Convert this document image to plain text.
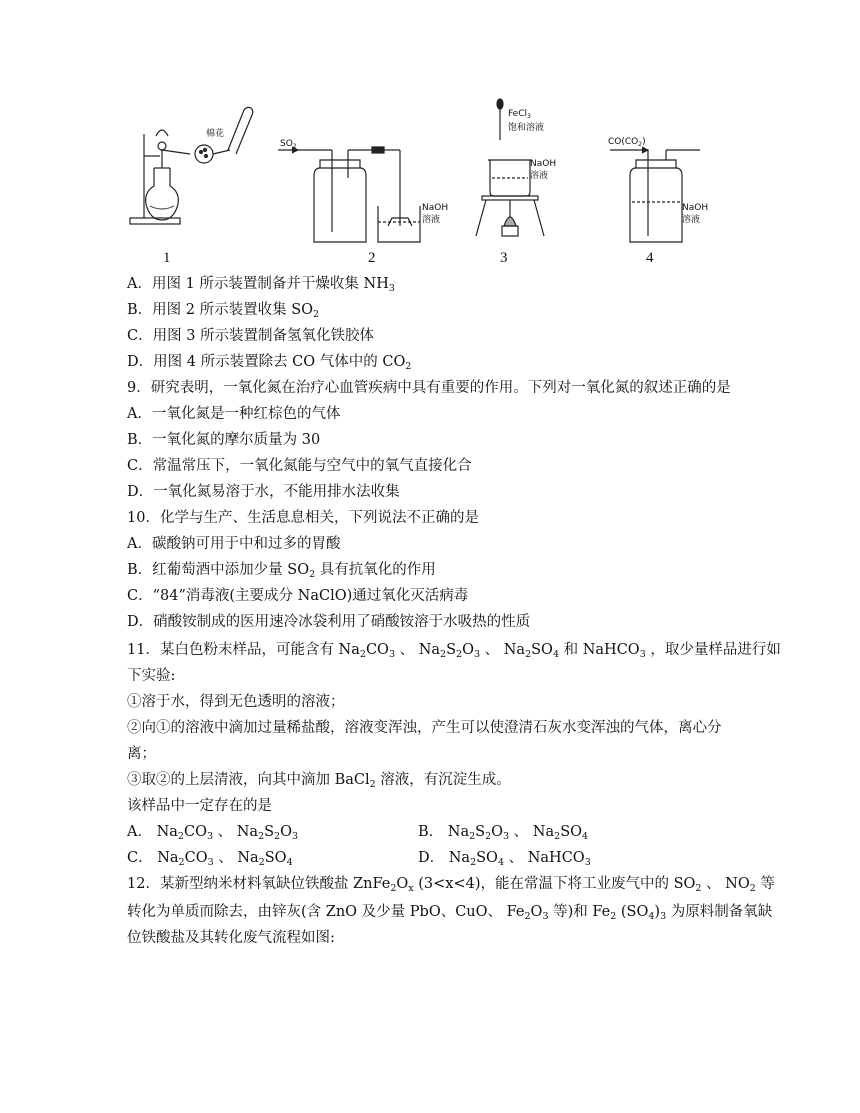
棉花
$SO_2$
NaOH
溶液
FeCl$_3$
饱和溶液
NaOH
溶液
$CO(CO_2)$
NaOH
溶液
1	2	3	4
A．用图 1 所示装置制备并干燥收集 $NH_3$
B．用图 2 所示装置收集 $SO_2$
C．用图 3 所示装置制备氢氧化铁胶体
D．用图 4 所示装置除去 CO 气体中的 $CO_2$
9．研究表明，一氧化氮在治疗心血管疾病中具有重要的作用。下列对一氧化氮的叙述正确的是
A．一氧化氮是一种红棕色的气体
B．一氧化氮的摩尔质量为 30
C．常温常压下，一氧化氮能与空气中的氧气直接化合
D．一氧化氮易溶于水，不能用排水法收集
10．化学与生产、生活息息相关，下列说法不正确的是
A．碳酸钠可用于中和过多的胃酸
B．红葡萄酒中添加少量 $SO_2$ 具有抗氧化的作用
C．“84”消毒液(主要成分 NaClO)通过氧化灭活病毒
D．硝酸铵制成的医用速冷冰袋利用了硝酸铵溶于水吸热的性质
11．某白色粉末样品，可能含有 $Na_2CO_3$ 、 $Na_2S_2O_3$ 、 $Na_2SO_4$ 和 NaHCO$_3$ ，取少量样品进行如
下实验:
①溶于水，得到无色透明的溶液；
②向①的溶液中滴加过量稀盐酸，溶液变浑浊，产生可以使澄清石灰水变浑浊的气体，离心分
离；
③取②的上层清液，向其中滴加 BaCl$_2$ 溶液，有沉淀生成。
该样品中一定存在的是
A． $Na_2CO_3$ 、 $Na_2S_2O_3$	B． $Na_2S_2O_3$ 、 $Na_2SO_4$
C． $Na_2CO_3$ 、 $Na_2SO_4$	D． $Na_2SO_4$ 、 NaHCO$_3$
12．某新型纳米材料氧缺位铁酸盐 $ZnFe_2O_x$ (3<x<4)，能在常温下将工业废气中的 $SO_2$ 、 $NO_2$ 等
转化为单质而除去，由锌灰(含 ZnO 及少量 PbO、CuO、 $Fe_2O_3$ 等)和 $Fe_2$ $(SO_4)_3$ 为原料制备氧缺
位铁酸盐及其转化废气流程如图:
